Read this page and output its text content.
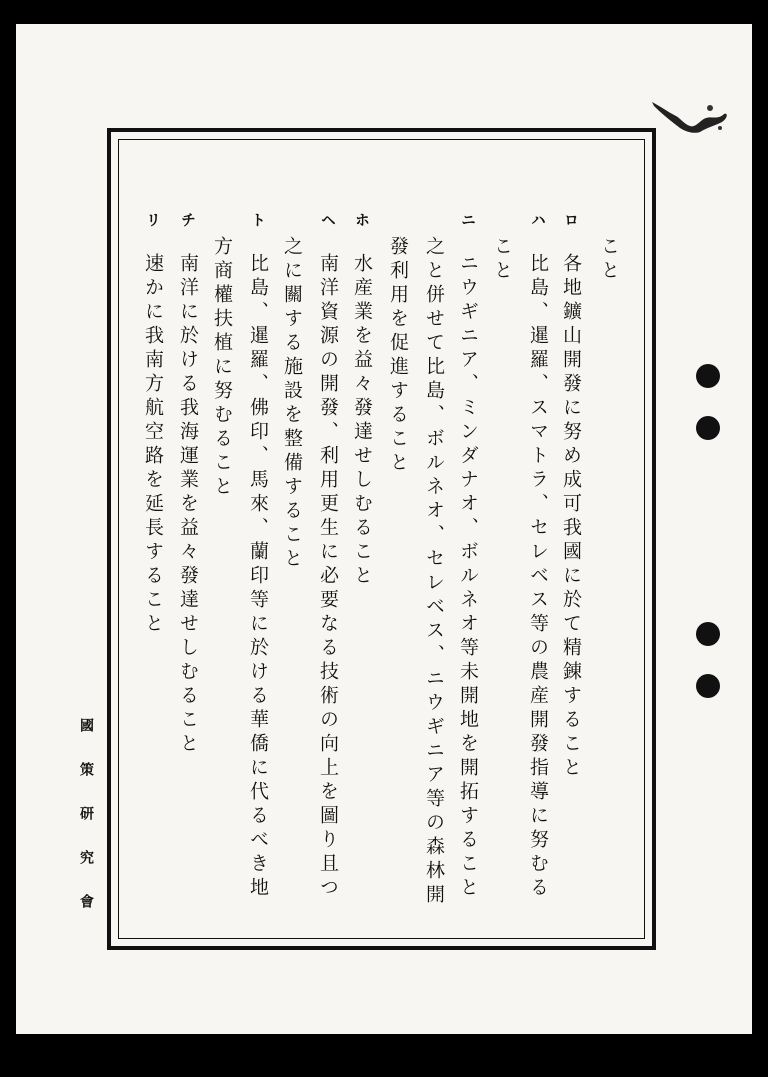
こと
ロ
各地鑛山開發に努め成可我國に於て精錬すること
ハ
比島、暹羅、スマトラ、セレベス等の農産開發指導に努むる
こと
ニ
ニウギニア、ミンダナオ、ボルネオ等未開地を開拓すること
之と併せて比島、ボルネオ、セレベス、ニウギニア等の森林開
發利用を促進すること
ホ
水産業を益々發達せしむること
ヘ
南洋資源の開發、利用更生に必要なる技術の向上を圖り且つ
之に關する施設を整備すること
ト
比島、暹羅、佛印、馬來、蘭印等に於ける華僑に代るべき地
方商權扶植に努むること
チ
南洋に於ける我海運業を益々發達せしむること
リ
速かに我南方航空路を延長すること
國策研究會
